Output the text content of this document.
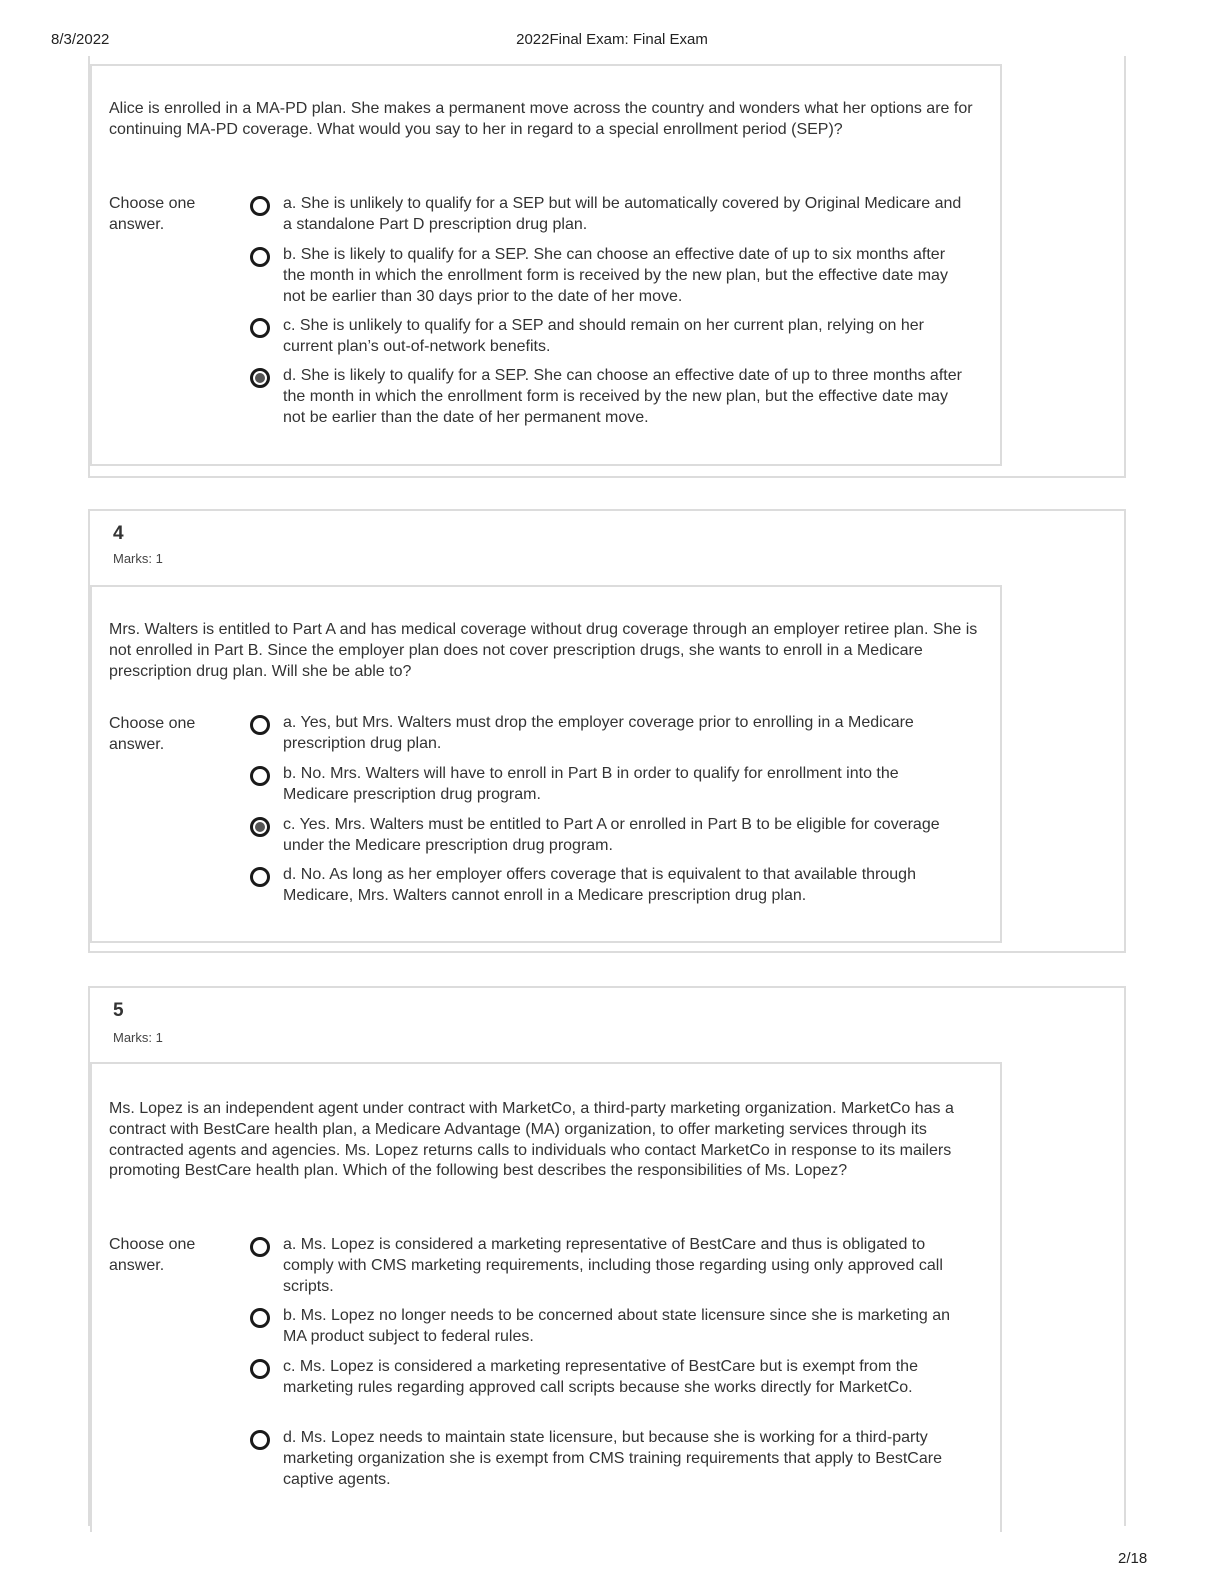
8/3/2022	2022Final Exam: Final Exam
Alice is enrolled in a MA-PD plan. She makes a permanent move across the country and wonders what her options are for continuing MA-PD coverage. What would you say to her in regard to a special enrollment period (SEP)?
Choose one answer.
a. She is unlikely to qualify for a SEP but will be automatically covered by Original Medicare and a standalone Part D prescription drug plan.
b. She is likely to qualify for a SEP. She can choose an effective date of up to six months after the month in which the enrollment form is received by the new plan, but the effective date may not be earlier than 30 days prior to the date of her move.
c. She is unlikely to qualify for a SEP and should remain on her current plan, relying on her current plan’s out-of-network benefits.
d. She is likely to qualify for a SEP. She can choose an effective date of up to three months after the month in which the enrollment form is received by the new plan, but the effective date may not be earlier than the date of her permanent move.
4
Marks: 1
Mrs. Walters is entitled to Part A and has medical coverage without drug coverage through an employer retiree plan. She is not enrolled in Part B. Since the employer plan does not cover prescription drugs, she wants to enroll in a Medicare prescription drug plan. Will she be able to?
Choose one answer.
a. Yes, but Mrs. Walters must drop the employer coverage prior to enrolling in a Medicare prescription drug plan.
b. No. Mrs. Walters will have to enroll in Part B in order to qualify for enrollment into the Medicare prescription drug program.
c. Yes. Mrs. Walters must be entitled to Part A or enrolled in Part B to be eligible for coverage under the Medicare prescription drug program.
d. No. As long as her employer offers coverage that is equivalent to that available through Medicare, Mrs. Walters cannot enroll in a Medicare prescription drug plan.
5
Marks: 1
Ms. Lopez is an independent agent under contract with MarketCo, a third-party marketing organization. MarketCo has a contract with BestCare health plan, a Medicare Advantage (MA) organization, to offer marketing services through its contracted agents and agencies. Ms. Lopez returns calls to individuals who contact MarketCo in response to its mailers promoting BestCare health plan. Which of the following best describes the responsibilities of Ms. Lopez?
Choose one answer.
a. Ms. Lopez is considered a marketing representative of BestCare and thus is obligated to comply with CMS marketing requirements, including those regarding using only approved call scripts.
b. Ms. Lopez no longer needs to be concerned about state licensure since she is marketing an MA product subject to federal rules.
c. Ms. Lopez is considered a marketing representative of BestCare but is exempt from the marketing rules regarding approved call scripts because she works directly for MarketCo.
d. Ms. Lopez needs to maintain state licensure, but because she is working for a third-party marketing organization she is exempt from CMS training requirements that apply to BestCare captive agents.
2/18
